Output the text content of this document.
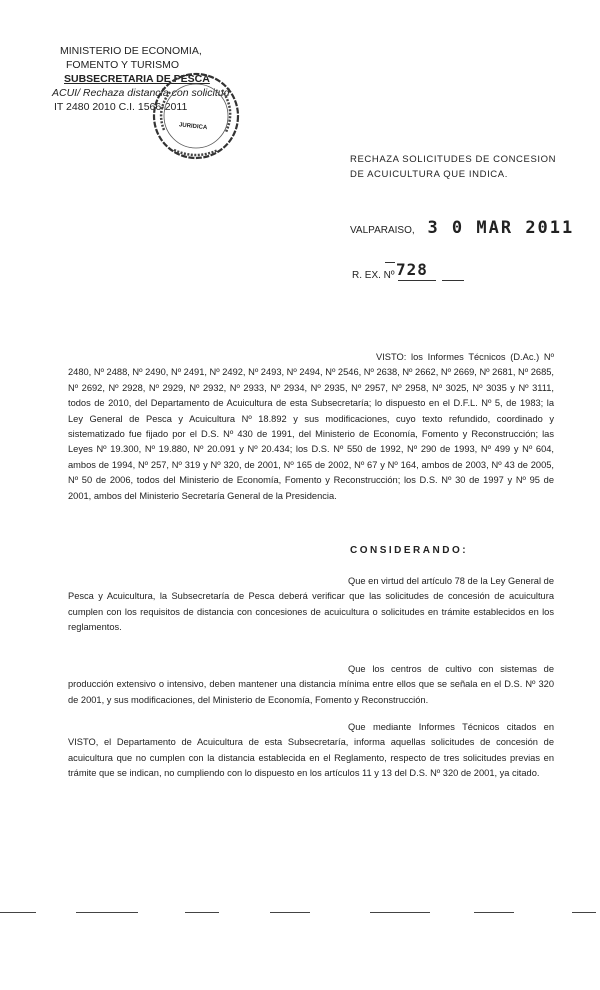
MINISTERIO DE ECONOMIA,
FOMENTO Y TURISMO
SUBSECRETARIA DE PESCA
ACUI/ Rechaza distancia con solicitud
IT 2480 2010 C.I. 1566-2011
JURIDICA
RECHAZA SOLICITUDES DE CONCESION DE ACUICULTURA QUE INDICA.
VALPARAISO, 3 0 MAR 2011
R. EX. Nº 728
VISTO: los Informes Técnicos (D.Ac.) Nº 2480, Nº 2488, Nº 2490, Nº 2491, Nº 2492, Nº 2493, Nº 2494, Nº 2546, Nº 2638, Nº 2662, Nº 2669, Nº 2681, Nº 2685, Nº 2692, Nº 2928, Nº 2929, Nº 2932, Nº 2933, Nº 2934, Nº 2935, Nº 2957, Nº 2958, Nº 3025, Nº 3035 y Nº 3111, todos de 2010, del Departamento de Acuicultura de esta Subsecretaría; lo dispuesto en el D.F.L. Nº 5, de 1983; la Ley General de Pesca y Acuicultura Nº 18.892 y sus modificaciones, cuyo texto refundido, coordinado y sistematizado fue fijado por el D.S. Nº 430 de 1991, del Ministerio de Economía, Fomento y Reconstrucción; las Leyes Nº 19.300, Nº 19.880, Nº 20.091 y Nº 20.434; los D.S. Nº 550 de 1992, Nº 290 de 1993, Nº 499 y Nº 604, ambos de 1994, Nº 257, Nº 319 y Nº 320, de 2001, Nº 165 de 2002, Nº 67 y Nº 164, ambos de 2003, Nº 43 de 2005, Nº 50 de 2006, todos del Ministerio de Economía, Fomento y Reconstrucción; los D.S. Nº 30 de 1997 y Nº 95 de 2001, ambos del Ministerio Secretaría General de la Presidencia.
CONSIDERANDO:
Que en virtud del artículo 78 de la Ley General de Pesca y Acuicultura, la Subsecretaría de Pesca deberá verificar que las solicitudes de concesión de acuicultura cumplen con los requisitos de distancia con concesiones de acuicultura o solicitudes en trámite establecidos en los reglamentos.
Que los centros de cultivo con sistemas de producción extensivo o intensivo, deben mantener una distancia mínima entre ellos que se señala en el D.S. Nº 320 de 2001, y sus modificaciones, del Ministerio de Economía, Fomento y Reconstrucción.
Que mediante Informes Técnicos citados en VISTO, el Departamento de Acuicultura de esta Subsecretaría, informa aquellas solicitudes de concesión de acuicultura que no cumplen con la distancia establecida en el Reglamento, respecto de tres solicitudes previas en trámite que se indican, no cumpliendo con lo dispuesto en los artículos 11 y 13 del D.S. Nº 320 de 2001, ya citado.
